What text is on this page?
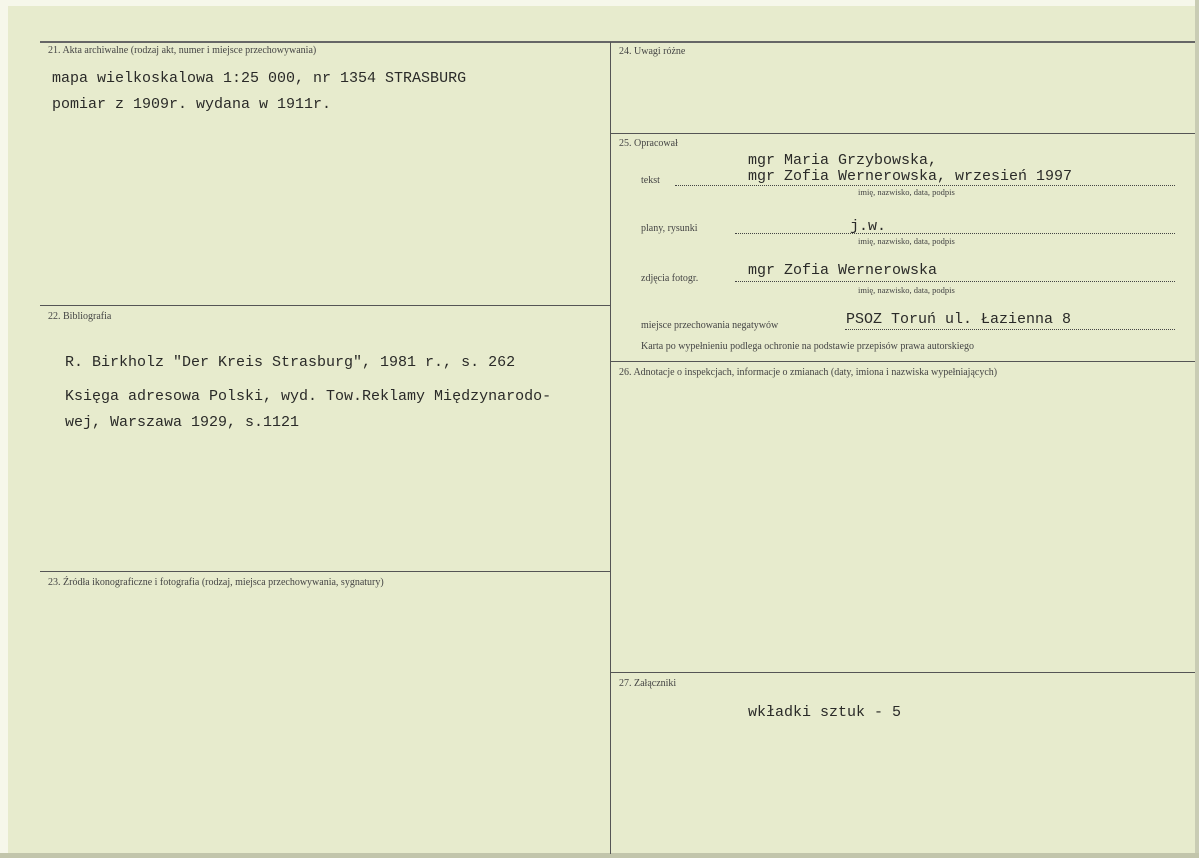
21. Akta archiwalne (rodzaj akt, numer i miejsce przechowywania)
mapa wielkoskalowa 1:25 000, nr 1354 STRASBURG
pomiar z 1909r. wydana w 1911r.
22. Bibliografia
R. Birkholz "Der Kreis Strasburg", 1981 r., s. 262
Księga adresowa Polski, wyd. Tow.Reklamy Międzynarodo-
wej, Warszawa 1929, s.1121
23. Źródła ikonograficzne i fotografia (rodzaj, miejsca przechowywania, sygnatury)
24. Uwagi różne
25. Opracował
mgr Maria Grzybowska,
tekst	mgr Zofia Wernerowska, wrzesień 1997
imię, nazwisko, data, podpis
plany, rysunki	j.w.
imię, nazwisko, data, podpis
zdjęcia fotogr.	mgr Zofia Wernerowska
imię, nazwisko, data, podpis
miejsce przechowania negatywów	PSOZ Toruń ul. Łazienna 8
Karta po wypełnieniu podlega ochronie na podstawie przepisów prawa autorskiego
26. Adnotacje o inspekcjach, informacje o zmianach (daty, imiona i nazwiska wypełniających)
27. Załączniki
wkładki sztuk - 5
